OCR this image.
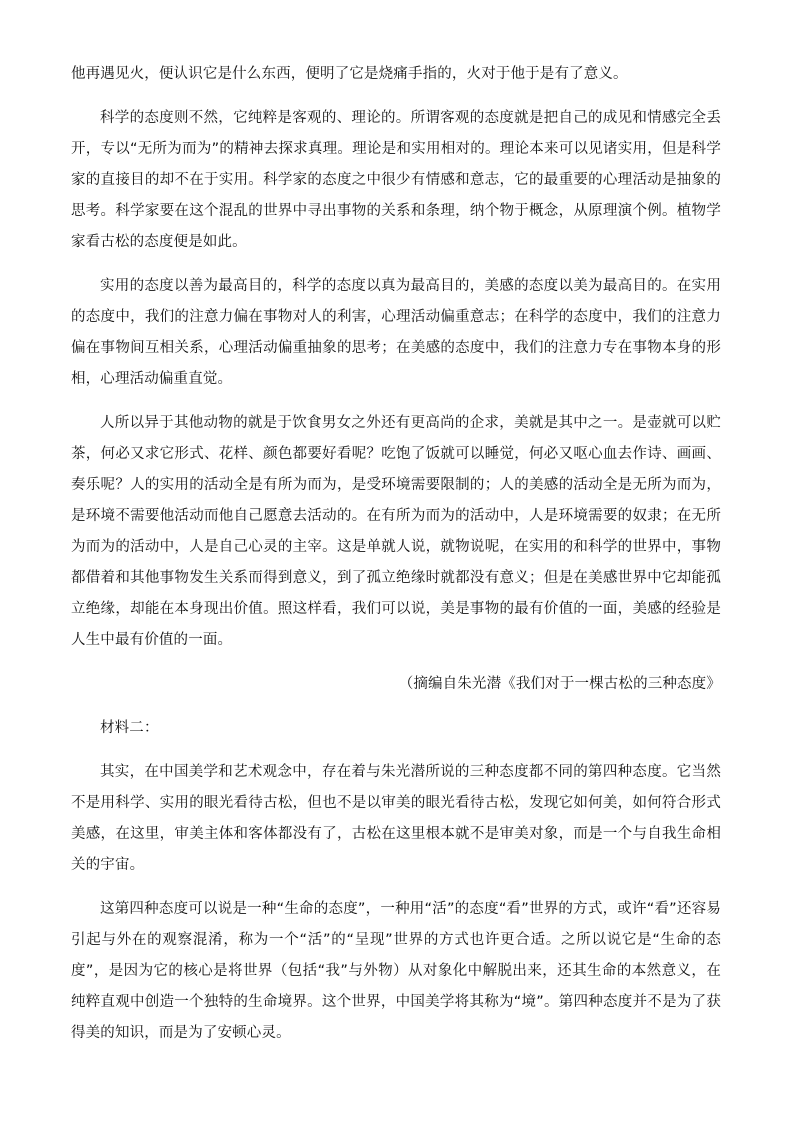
他再遇见火，便认识它是什么东西，便明了它是烧痛手指的，火对于他于是有了意义。

科学的态度则不然，它纯粹是客观的、理论的。所谓客观的态度就是把自己的成见和情感完全丢开，专以“无所为而为”的精神去探求真理。理论是和实用相对的。理论本来可以见诸实用，但是科学家的直接目的却不在于实用。科学家的态度之中很少有情感和意志，它的最重要的心理活动是抽象的思考。科学家要在这个混乱的世界中寻出事物的关系和条理，纳个物于概念，从原理演个例。植物学家看古松的态度便是如此。

实用的态度以善为最高目的，科学的态度以真为最高目的，美感的态度以美为最高目的。在实用的态度中，我们的注意力偏在事物对人的利害，心理活动偏重意志；在科学的态度中，我们的注意力偏在事物间互相关系，心理活动偏重抽象的思考；在美感的态度中，我们的注意力专在事物本身的形相，心理活动偏重直觉。

人所以异于其他动物的就是于饮食男女之外还有更高尚的企求，美就是其中之一。是壶就可以贮茶，何必又求它形式、花样、颜色都要好看呢？吃饱了饭就可以睡觉，何必又呕心血去作诗、画画、奏乐呢？人的实用的活动全是有所为而为，是受环境需要限制的；人的美感的活动全是无所为而为，是环境不需要他活动而他自己愿意去活动的。在有所为而为的活动中，人是环境需要的奴隶；在无所为而为的活动中，人是自己心灵的主宰。这是单就人说，就物说呢，在实用的和科学的世界中，事物都借着和其他事物发生关系而得到意义，到了孤立绝缘时就都没有意义；但是在美感世界中它却能孤立绝缘，却能在本身现出价值。照这样看，我们可以说，美是事物的最有价值的一面，美感的经验是人生中最有价值的一面。

（摘编自朱光潜《我们对于一棵古松的三种态度》

材料二：

其实，在中国美学和艺术观念中，存在着与朱光潜所说的三种态度都不同的第四种态度。它当然不是用科学、实用的眼光看待古松，但也不是以审美的眼光看待古松，发现它如何美，如何符合形式美感，在这里，审美主体和客体都没有了，古松在这里根本就不是审美对象，而是一个与自我生命相关的宇宙。

这第四种态度可以说是一种“生命的态度”，一种用“活”的态度“看”世界的方式，或许“看”还容易引起与外在的观察混淆，称为一个“活”的“呈现”世界的方式也许更合适。之所以说它是“生命的态度”，是因为它的核心是将世界（包括“我”与外物）从对象化中解脱出来，还其生命的本然意义，在纯粹直观中创造一个独特的生命境界。这个世界，中国美学将其称为“境”。第四种态度并不是为了获得美的知识，而是为了安顿心灵。
